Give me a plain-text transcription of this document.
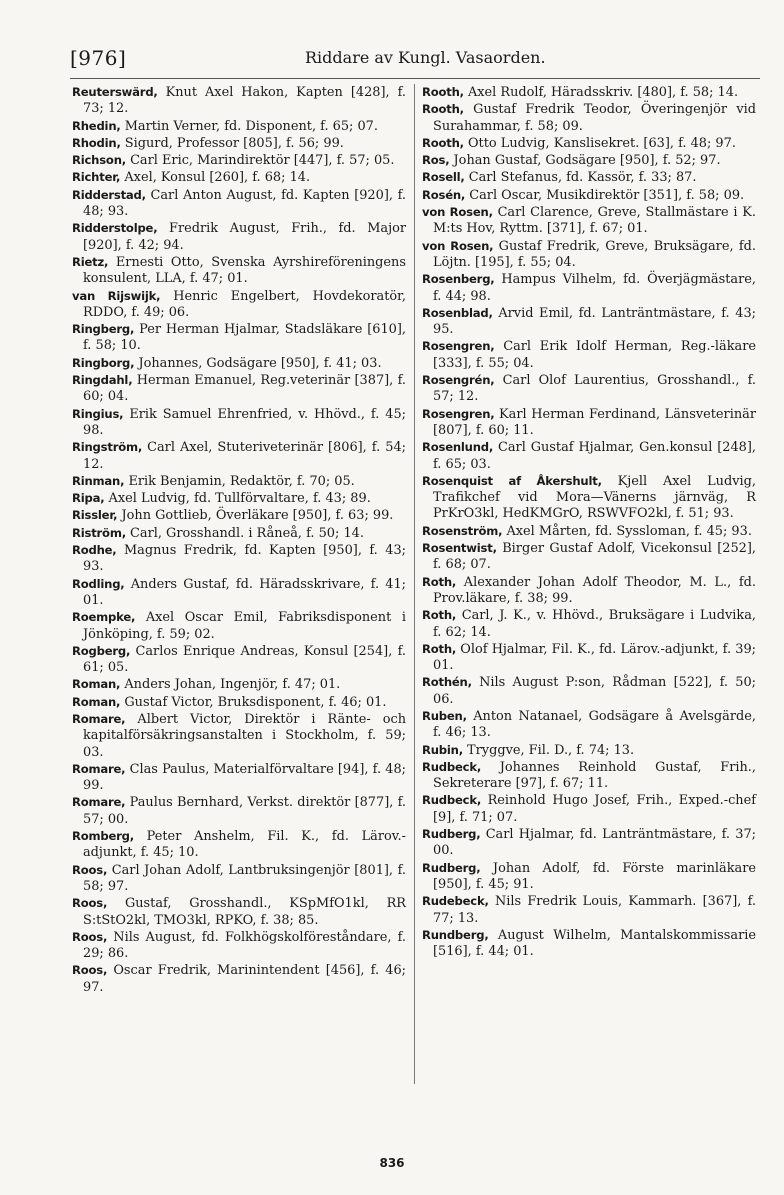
[976]	Riddare av Kungl. Vasaorden.

Reuterswärd, Knut Axel Hakon, Kapten [428], f. 73; 12.

Rhedin, Martin Verner, fd. Disponent, f. 65; 07.

Rhodin, Sigurd, Professor [805], f. 56; 99.

Richson, Carl Eric, Marindirektör [447], f. 57; 05.

Richter, Axel, Konsul [260], f. 68; 14.

Ridderstad, Carl Anton August, fd. Kapten [920], f. 48; 93.

Ridderstolpe, Fredrik August, Frih., fd. Major [920], f. 42; 94.

Rietz, Ernesti Otto, Svenska Ayrshireföreningens konsulent, LLA, f. 47; 01.

van Rijswijk, Henric Engelbert, Hovdekoratör, RDDO, f. 49; 06.

Ringberg, Per Herman Hjalmar, Stadsläkare [610], f. 58; 10.

Ringborg, Johannes, Godsägare [950], f. 41; 03.

Ringdahl, Herman Emanuel, Reg.veterinär [387], f. 60; 04.

Ringius, Erik Samuel Ehrenfried, v. Hhövd., f. 45; 98.

Ringström, Carl Axel, Stuteriveterinär [806], f. 54; 12.

Rinman, Erik Benjamin, Redaktör, f. 70; 05.

Ripa, Axel Ludvig, fd. Tullförvaltare, f. 43; 89.

Rissler, John Gottlieb, Överläkare [950], f. 63; 99.

Riström, Carl, Grosshandl. i Råneå, f. 50; 14.

Rodhe, Magnus Fredrik, fd. Kapten [950], f. 43; 93.

Rodling, Anders Gustaf, fd. Häradsskrivare, f. 41; 01.

Roempke, Axel Oscar Emil, Fabriksdisponent i Jönköping, f. 59; 02.

Rogberg, Carlos Enrique Andreas, Konsul [254], f. 61; 05.

Roman, Anders Johan, Ingenjör, f. 47; 01.

Roman, Gustaf Victor, Bruksdisponent, f. 46; 01.

Romare, Albert Victor, Direktör i Ränte- och kapitalförsäkringsanstalten i Stockholm, f. 59; 03.

Romare, Clas Paulus, Materialförvaltare [94], f. 48; 99.

Romare, Paulus Bernhard, Verkst. direktör [877], f. 57; 00.

Romberg, Peter Anshelm, Fil. K., fd. Lärov.-adjunkt, f. 45; 10.

Roos, Carl Johan Adolf, Lantbruksingenjör [801], f. 58; 97.

Roos, Gustaf, Grosshandl., KSpMfO1kl, RR S:tStO2kl, TMO3kl, RPKO, f. 38; 85.

Roos, Nils August, fd. Folkhögskolföreståndare, f. 29; 86.

Roos, Oscar Fredrik, Marinintendent [456], f. 46; 97.

Rooth, Axel Rudolf, Häradsskriv. [480], f. 58; 14.

Rooth, Gustaf Fredrik Teodor, Överingenjör vid Surahammar, f. 58; 09.

Rooth, Otto Ludvig, Kanslisekret. [63], f. 48; 97.

Ros, Johan Gustaf, Godsägare [950], f. 52; 97.

Rosell, Carl Stefanus, fd. Kassör, f. 33; 87.

Rosén, Carl Oscar, Musikdirektör [351], f. 58; 09.

von Rosen, Carl Clarence, Greve, Stallmästare i K. M:ts Hov, Ryttm. [371], f. 67; 01.

von Rosen, Gustaf Fredrik, Greve, Bruksägare, fd. Löjtn. [195], f. 55; 04.

Rosenberg, Hampus Vilhelm, fd. Överjägmästare, f. 44; 98.

Rosenblad, Arvid Emil, fd. Lanträntmästare, f. 43; 95.

Rosengren, Carl Erik Idolf Herman, Reg.-läkare [333], f. 55; 04.

Rosengrén, Carl Olof Laurentius, Grosshandl., f. 57; 12.

Rosengren, Karl Herman Ferdinand, Länsveterinär [807], f. 60; 11.

Rosenlund, Carl Gustaf Hjalmar, Gen.konsul [248], f. 65; 03.

Rosenquist af Åkershult, Kjell Axel Ludvig, Trafikchef vid Mora—Vänerns järnväg, R PrKrO3kl, HedKMGrO, RSWVFO2kl, f. 51; 93.

Rosenström, Axel Mårten, fd. Syssloman, f. 45; 93.

Rosentwist, Birger Gustaf Adolf, Vicekonsul [252], f. 68; 07.

Roth, Alexander Johan Adolf Theodor, M. L., fd. Prov.läkare, f. 38; 99.

Roth, Carl, J. K., v. Hhövd., Bruksägare i Ludvika, f. 62; 14.

Roth, Olof Hjalmar, Fil. K., fd. Lärov.-adjunkt, f. 39; 01.

Rothén, Nils August P:son, Rådman [522], f. 50; 06.

Ruben, Anton Natanael, Godsägare å Avelsgärde, f. 46; 13.

Rubin, Tryggve, Fil. D., f. 74; 13.

Rudbeck, Johannes Reinhold Gustaf, Frih., Sekreterare [97], f. 67; 11.

Rudbeck, Reinhold Hugo Josef, Frih., Exped.-chef [9], f. 71; 07.

Rudberg, Carl Hjalmar, fd. Lanträntmästare, f. 37; 00.

Rudberg, Johan Adolf, fd. Förste marinläkare [950], f. 45; 91.

Rudebeck, Nils Fredrik Louis, Kammarh. [367], f. 77; 13.

Rundberg, August Wilhelm, Mantalskommissarie [516], f. 44; 01.

836
